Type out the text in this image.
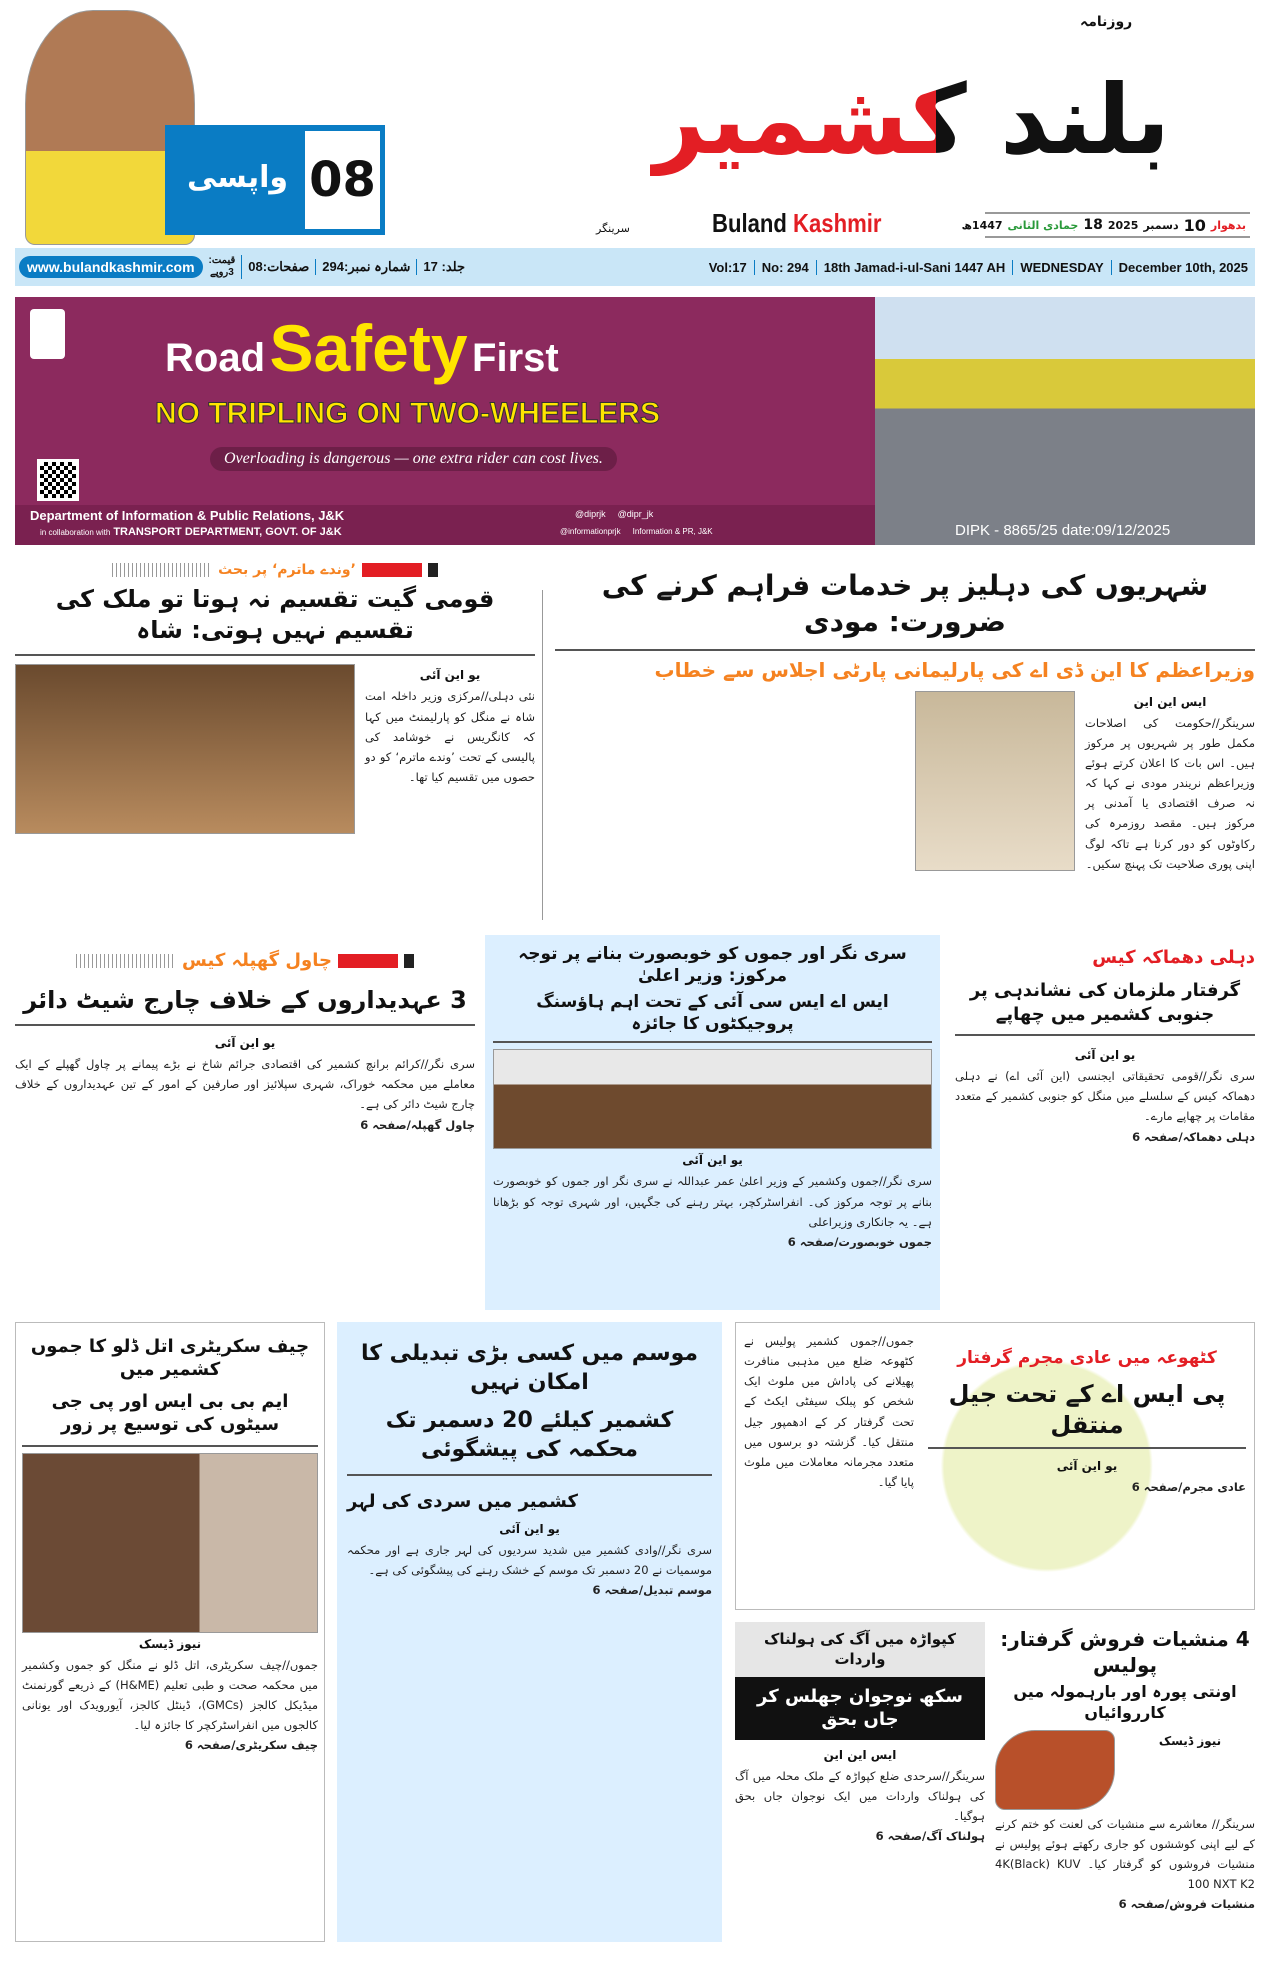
08
واپسی
روزنامہ
بلند کشمیر
سرینگر	Buland Kashmir	بدھوار
10
دسمبر
2025
18
جمادی الثانی
1447ھ
www.bulandkashmir.com	قیمت:
3روپے	صفحات:08	شمارہ نمبر:294	جلد: 17	Vol:17	No: 294	18th Jamad-i-ul-Sani 1447 AH	WEDNESDAY	December 10th, 2025
Road Safety First
NO TRIPLING ON TWO-WHEELERS
Overloading is dangerous — one extra rider can cost lives.
Department of Information & Public Relations, J&K
in collaboration with TRANSPORT DEPARTMENT, GOVT. OF J&K
@diprjk @dipr_jk
@informationprjk Information & PR, J&K	DIPK - 8865/25 date:09/12/2025
’وندے ماترم‘ پر بحث
قومی گیت تقسیم نہ ہوتا تو ملک کی تقسیم نہیں ہوتی: شاہ
یو این آئی
نئی دہلی//مرکزی وزیر داخلہ امت شاہ نے منگل کو پارلیمنٹ میں کہا کہ کانگریس نے خوشامد کی پالیسی کے تحت ’وندے ماترم‘ کو دو حصوں میں تقسیم کیا تھا۔
شہریوں کی دہلیز پر خدمات فراہم کرنے کی ضرورت: مودی
وزیراعظم کا این ڈی اے کی پارلیمانی پارٹی اجلاس سے خطاب
ایس این این
سرینگر//حکومت کی اصلاحات مکمل طور پر شہریوں پر مرکوز ہیں۔ اس بات کا اعلان کرتے ہوئے وزیراعظم نریندر مودی نے کہا کہ نہ صرف اقتصادی یا آمدنی پر مرکوز ہیں۔ مقصد روزمرہ کی رکاوٹوں کو دور کرنا ہے تاکہ لوگ اپنی پوری صلاحیت تک پہنچ سکیں۔
چاول گھپلہ کیس
3 عہدیداروں کے خلاف چارج شیٹ دائر
یو این آئی
سری نگر//کرائم برانچ کشمیر کی اقتصادی جرائم شاخ نے بڑے پیمانے پر چاول گھپلے کے ایک معاملے میں محکمہ خوراک، شہری سپلائیز اور صارفین کے امور کے تین عہدیداروں کے خلاف چارج شیٹ دائر کی ہے۔
چاول گھپلہ/صفحہ 6
سری نگر اور جموں کو خوبصورت بنانے پر توجہ مرکوز: وزیر اعلیٰ
ایس اے ایس سی آئی کے تحت اہم ہاؤسنگ پروجیکٹوں کا جائزہ
یو این آئی
سری نگر//جموں وکشمیر کے وزیر اعلیٰ عمر عبداللہ نے سری نگر اور جموں کو خوبصورت بنانے پر توجہ مرکوز کی۔ انفراسٹرکچر، بہتر رہنے کی جگہیں، اور شہری توجہ کو بڑھانا ہے۔ یہ جانکاری وزیراعلی
جموں خوبصورت/صفحہ 6
دہلی دھماکہ کیس
گرفتار ملزمان کی نشاندہی پر جنوبی کشمیر میں چھاپے
یو این آئی
سری نگر//قومی تحقیقاتی ایجنسی (این آئی اے) نے دہلی دھماکہ کیس کے سلسلے میں منگل کو جنوبی کشمیر کے متعدد مقامات پر چھاپے مارے۔
دہلی دھماکہ/صفحہ 6
چیف سکریٹری اتل ڈلو کا جموں کشمیر میں
ایم بی بی ایس اور پی جی سیٹوں کی توسیع پر زور
نیوز ڈیسک
جموں//چیف سکریٹری، اتل ڈلو نے منگل کو جموں وکشمیر میں محکمہ صحت و طبی تعلیم (H&ME) کے ذریعے گورنمنٹ میڈیکل کالجز (GMCs)، ڈینٹل کالجز، آیورویدک اور یونانی کالجوں میں انفراسٹرکچر کا جائزہ لیا۔
چیف سکریٹری/صفحہ 6
موسم میں کسی بڑی تبدیلی کا امکان نہیں
کشمیر کیلئے 20 دسمبر تک محکمہ کی پیشگوئی
کشمیر میں سردی کی لہر
یو این آئی
سری نگر//وادی کشمیر میں شدید سردیوں کی لہر جاری ہے اور محکمہ موسمیات نے 20 دسمبر تک موسم کے خشک رہنے کی پیشگوئی کی ہے۔
موسم تبدیل/صفحہ 6
جموں//جموں کشمیر پولیس نے کٹھوعہ ضلع میں مذہبی منافرت پھیلانے کی پاداش میں ملوث ایک شخص کو پبلک سیفٹی ایکٹ کے تحت گرفتار کر کے ادھمپور جیل منتقل کیا۔ گزشتہ دو برسوں میں متعدد مجرمانہ معاملات میں ملوث پایا گیا۔
کٹھوعہ میں عادی مجرم گرفتار
پی ایس اے کے تحت جیل منتقل
یو این آئی
عادی مجرم/صفحہ 6
کپواڑہ میں آگ کی ہولناک واردات
سکھ نوجوان جھلس کر جاں بحق
ایس این این
سرینگر//سرحدی ضلع کپواڑہ کے ملک محلہ میں آگ کی ہولناک واردات میں ایک نوجوان جاں بحق ہوگیا۔
ہولناک آگ/صفحہ 6
4 منشیات فروش گرفتار: پولیس
اونتی پورہ اور بارہمولہ میں کارروائیاں
نیوز ڈیسک
سرینگر// معاشرے سے منشیات کی لعنت کو ختم کرنے کے لیے اپنی کوششوں کو جاری رکھتے ہوئے پولیس نے منشیات فروشوں کو گرفتار کیا۔ 4K(Black) KUV 100 NXT K2
منشیات فروش/صفحہ 6
